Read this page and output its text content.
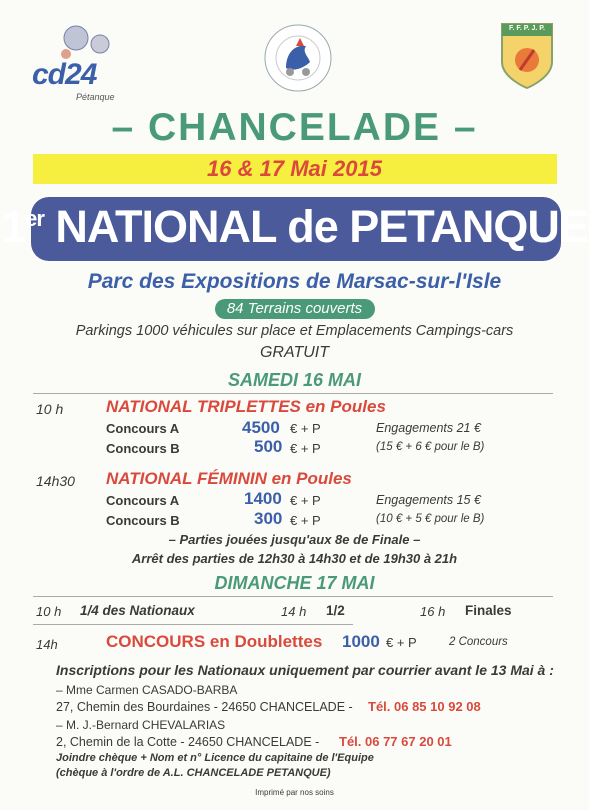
cd24
Pétanque
F. F. P. J. P.
– CHANCELADE –
16 & 17 Mai 2015
1er NATIONAL de PETANQUE
Parc des Expositions de Marsac-sur-l'Isle
84 Terrains couverts
Parkings 1000 véhicules sur place et Emplacements Campings-cars
GRATUIT
SAMEDI 16 MAI
10 h	NATIONAL TRIPLETTES en Poules
Concours A	4500 € + P	Engagements 21 €
Concours B	500 € + P	(15 € + 6 € pour le B)
14h30 NATIONAL FÉMININ en Poules
Concours A	1400 € + P	Engagements 15 €
Concours B	300 € + P	(10 € + 5 € pour le B)
– Parties jouées jusqu'aux 8e de Finale –
Arrêt des parties de 12h30 à 14h30 et de 19h30 à 21h
DIMANCHE 17 MAI
10 h 1/4 des Nationaux	14 h 1/2	16 h Finales
14h	CONCOURS en Doublettes 1000 € + P	2 Concours
Inscriptions pour les Nationaux uniquement par courrier avant le 13 Mai à :
– Mme Carmen CASADO-BARBA
27, Chemin des Bourdaines - 24650 CHANCELADE - Tél. 06 85 10 92 08
– M. J.-Bernard CHEVALARIAS
2, Chemin de la Cotte - 24650 CHANCELADE - Tél. 06 77 67 20 01
Joindre chèque + Nom et n° Licence du capitaine de l'Equipe
(chèque à l'ordre de A.L. CHANCELADE PETANQUE)
Imprimé par nos soins
